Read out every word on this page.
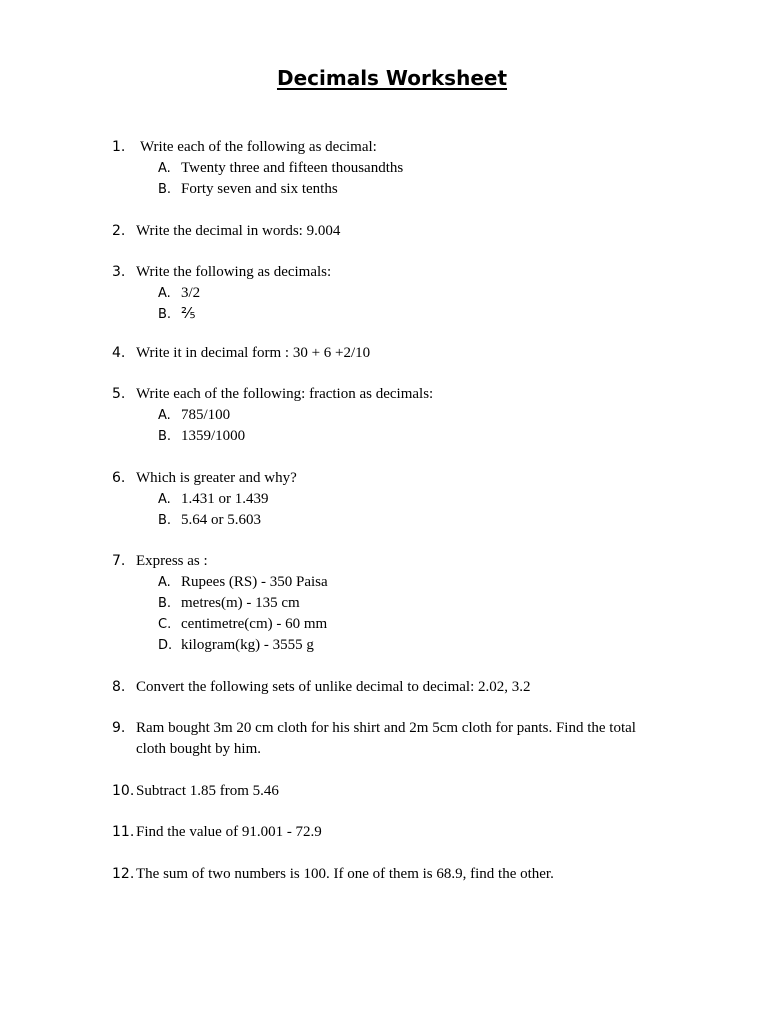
Decimals Worksheet
1. Write each of the following as decimal:
A. Twenty three and fifteen thousandths
B. Forty seven and six tenths
2. Write the decimal in words: 9.004
3. Write the following as decimals:
A. 3/2
B. ⅖
4. Write it in decimal form : 30 + 6 +2/10
5. Write each of the following: fraction as decimals:
A. 785/100
B. 1359/1000
6. Which is greater and why?
A. 1.431 or 1.439
B. 5.64 or 5.603
7. Express as :
A. Rupees (RS) - 350 Paisa
B. metres(m) - 135 cm
C. centimetre(cm) - 60 mm
D. kilogram(kg) - 3555 g
8. Convert the following sets of unlike decimal to decimal: 2.02, 3.2
9. Ram bought 3m 20 cm cloth for his shirt and 2m 5cm cloth for pants. Find the total cloth bought by him.
10. Subtract 1.85 from 5.46
11. Find the value of 91.001 - 72.9
12. The sum of two numbers is 100. If one of them is 68.9, find the other.
